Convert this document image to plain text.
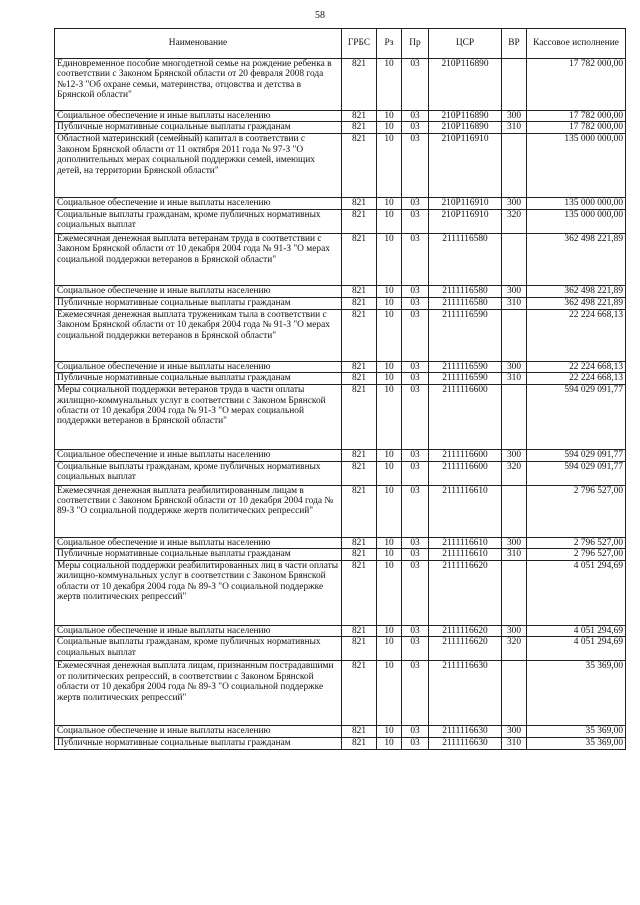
58
Наименование	ГРБС	Рз	Пр	ЦСР	ВР	Кассовое исполнение
Единовременное пособие многодетной семье на рождение ребенка в соответствии с Законом Брянской области от 20 февраля 2008 года №12-З "Об охране семьи, материнства, отцовства и детства в Брянской области"	821	10	03	210P116890		17 782 000,00
Социальное обеспечение и иные выплаты населению	821	10	03	210P116890	300	17 782 000,00
Публичные нормативные социальные выплаты гражданам	821	10	03	210P116890	310	17 782 000,00
Областной материнский (семейный) капитал в соответствии с Законом Брянской области от 11 октября 2011 года № 97-З "О дополнительных мерах социальной поддержки семей, имеющих детей, на территории Брянской области"	821	10	03	210P116910		135 000 000,00
Социальное обеспечение и иные выплаты населению	821	10	03	210P116910	300	135 000 000,00
Социальные выплаты гражданам, кроме публичных нормативных социальных выплат	821	10	03	210P116910	320	135 000 000,00
Ежемесячная денежная выплата ветеранам труда в соответствии с Законом Брянской области от 10 декабря 2004 года № 91-З "О мерах социальной поддержки ветеранов в Брянской области"	821	10	03	2111116580		362 498 221,89
Социальное обеспечение и иные выплаты населению	821	10	03	2111116580	300	362 498 221,89
Публичные нормативные социальные выплаты гражданам	821	10	03	2111116580	310	362 498 221,89
Ежемесячная денежная выплата труженикам тыла в соответствии с Законом Брянской области от 10 декабря 2004 года № 91-З "О мерах социальной поддержки ветеранов в Брянской области"	821	10	03	2111116590		22 224 668,13
Социальное обеспечение и иные выплаты населению	821	10	03	2111116590	300	22 224 668,13
Публичные нормативные социальные выплаты гражданам	821	10	03	2111116590	310	22 224 668,13
Меры социальной поддержки ветеранов труда в части оплаты жилищно-коммунальных услуг в соответствии с Законом Брянской области от 10 декабря 2004 года № 91-З "О мерах социальной поддержки ветеранов в Брянской области"	821	10	03	2111116600		594 029 091,77
Социальное обеспечение и иные выплаты населению	821	10	03	2111116600	300	594 029 091,77
Социальные выплаты гражданам, кроме публичных нормативных социальных выплат	821	10	03	2111116600	320	594 029 091,77
Ежемесячная денежная выплата реабилитированным лицам в соответствии с Законом Брянской области от 10 декабря 2004 года № 89-З "О социальной поддержке жертв политических репрессий"	821	10	03	2111116610		2 796 527,00
Социальное обеспечение и иные выплаты населению	821	10	03	2111116610	300	2 796 527,00
Публичные нормативные социальные выплаты гражданам	821	10	03	2111116610	310	2 796 527,00
Меры социальной поддержки реабилитированных лиц в части оплаты жилищно-коммунальных услуг в соответствии с Законом Брянской области от 10 декабря 2004 года № 89-З "О социальной поддержке жертв политических репрессий"	821	10	03	2111116620		4 051 294,69
Социальное обеспечение и иные выплаты населению	821	10	03	2111116620	300	4 051 294,69
Социальные выплаты гражданам, кроме публичных нормативных социальных выплат	821	10	03	2111116620	320	4 051 294,69
Ежемесячная денежная выплата лицам, признанным пострадавшими от политических репрессий, в соответствии с Законом Брянской области от 10 декабря 2004 года № 89-З "О социальной поддержке жертв политических репрессий"	821	10	03	2111116630		35 369,00
Социальное обеспечение и иные выплаты населению	821	10	03	2111116630	300	35 369,00
Публичные нормативные социальные выплаты гражданам	821	10	03	2111116630	310	35 369,00
